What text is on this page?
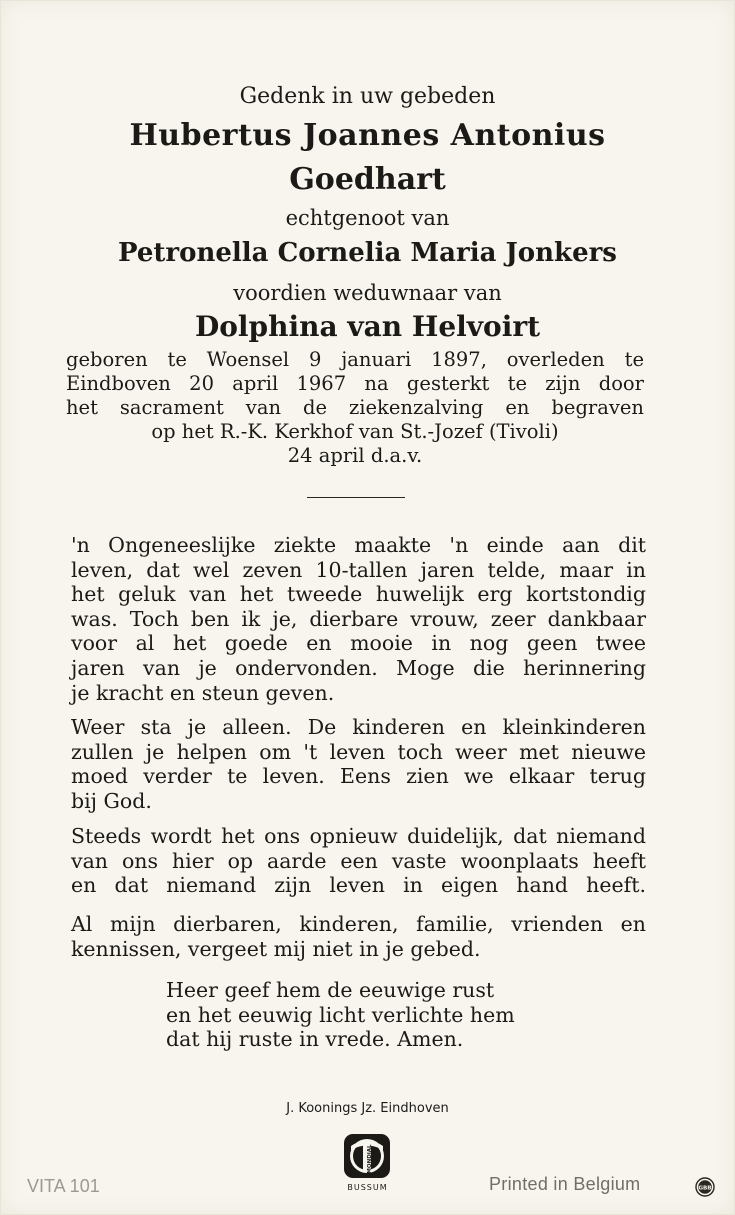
Gedenk in uw gebeden
Hubertus Joannes Antonius
Goedhart
echtgenoot van
Petronella Cornelia Maria Jonkers
voordien weduwnaar van
Dolphina van Helvoirt
geboren te Woensel 9 januari 1897, overleden te
Eindboven 20 april 1967 na gesterkt te zijn door
het sacrament van de ziekenzalving en begraven
op het R.-K. Kerkhof van St.-Jozef (Tivoli)
24 april d.a.v.
'n Ongeneeslijke ziekte maakte 'n einde aan dit
leven, dat wel zeven 10-tallen jaren telde, maar in
het geluk van het tweede huwelijk erg kortstondig
was. Toch ben ik je, dierbare vrouw, zeer dankbaar
voor al het goede en mooie in nog geen twee
jaren van je ondervonden. Moge die herinnering
je kracht en steun geven.
Weer sta je alleen. De kinderen en kleinkinderen
zullen je helpen om 't leven toch weer met nieuwe
moed verder te leven. Eens zien we elkaar terug
bij God.
Steeds wordt het ons opnieuw duidelijk, dat niemand
van ons hier op aarde een vaste woonplaats heeft
en dat niemand zijn leven in eigen hand heeft.
Al mijn dierbaren, kinderen, familie, vrienden en
kennissen, vergeet mij niet in je gebed.
Heer geef hem de eeuwige rust
en het eeuwig licht verlichte hem
dat hij ruste in vrede. Amen.
J. Koonings Jz. Eindhoven
MONDIAL
BUSSUM
VITA 101	Printed in Belgium	GBB
